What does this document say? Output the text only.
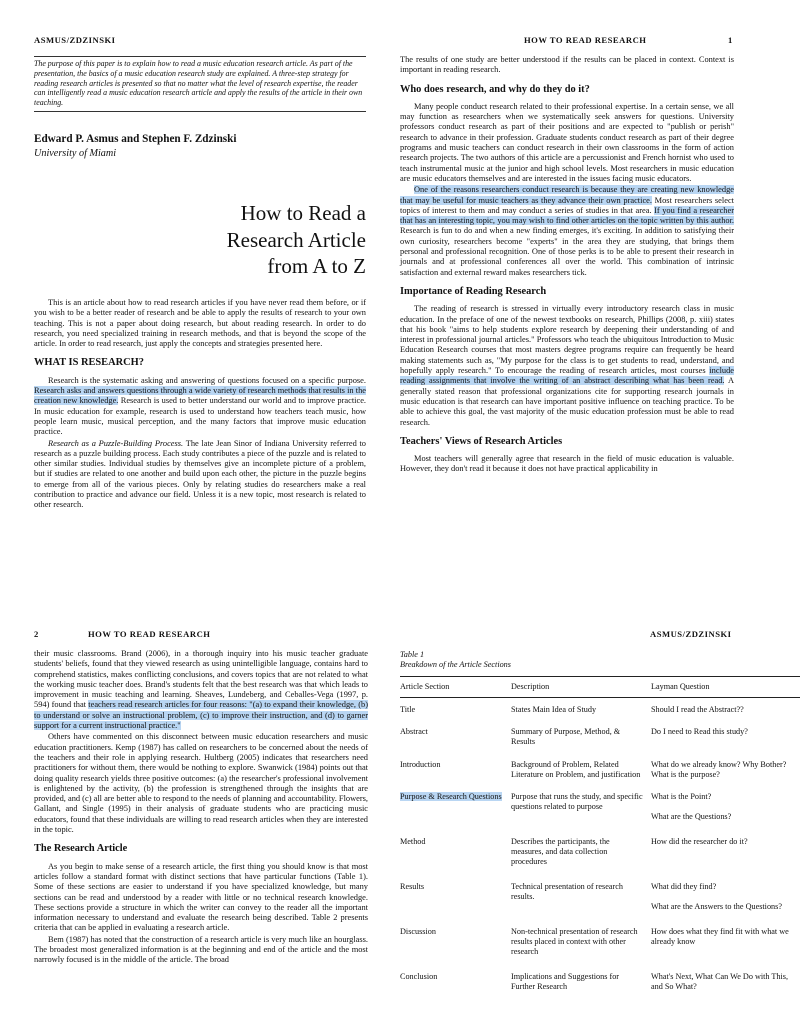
ASMUS/ZDZINSKI	HOW TO READ RESEARCH	1
The purpose of this paper is to explain how to read a music education research article. As part of the presentation, the basics of a music education research study are explained. A three-step strategy for reading research articles is presented so that no matter what the level of research expertise, the reader can intelligently read a music education research article and apply the results of the article in their own teaching.
Edward P. Asmus and Stephen F. Zdzinski
University of Miami
How to Read a
Research Article
from A to Z

This is an article about how to read research articles if you have never read them before, or if you wish to be a better reader of research and be able to apply the results of research to your own teaching. This is not a paper about doing research, but about reading research. In order to do research, you need specialized training in research methods, and that is beyond the scope of the article. In order to read research, just apply the concepts and strategies presented here.

WHAT IS RESEARCH?

Research is the systematic asking and answering of questions focused on a specific purpose. Research asks and answers questions through a wide variety of research methods that results in the creation new knowledge. Research is used to better understand our world and to improve practice. In music education for example, research is used to understand how teachers teach music, how people learn music, musical perception, and the many factors that improve music education practice.

Research as a Puzzle-Building Process. The late Jean Sinor of Indiana University referred to research as a puzzle building process. Each study contributes a piece of the puzzle and is related to other similar studies. Individual studies by themselves give an incomplete picture of a problem, but if studies are related to one another and build upon each other, the picture in the puzzle begins to emerge from all of the various pieces. Only by relating studies do researchers make a real contribution to practice and advance our field. Unless it is a new topic, most research is related to other research.

The results of one study are better understood if the results can be placed in context. Context is important in reading research.

Who does research, and why do they do it?

Many people conduct research related to their professional expertise. In a certain sense, we all may function as researchers when we systematically seek answers for questions. University professors conduct research as part of their positions and are expected to "publish or perish" research to advance in their profession. Graduate students conduct research as part of their degree programs and music teachers can conduct research in their own classrooms in the form of action research projects. The two authors of this article are a percussionist and French hornist who used to teach instrumental music at the junior and high school levels. Most researchers in music education are music educators themselves and are interested in the issues facing music educators.

One of the reasons researchers conduct research is because they are creating new knowledge that may be useful for music teachers as they advance their own practice. Most researchers select topics of interest to them and may conduct a series of studies in that area. If you find a researcher that has an interesting topic, you may wish to find other articles on the topic written by this author. Research is fun to do and when a new finding emerges, it's exciting. In addition to satisfying their own curiosity, researchers become "experts" in the area they are studying, that brings them personal and professional recognition. One of those perks is to be able to present their research in journals and at professional conferences all over the world. This combination of intrinsic satisfaction and external reward makes researchers tick.

Importance of Reading Research

The reading of research is stressed in virtually every introductory research class in music education. In the preface of one of the newest textbooks on research, Phillips (2008, p. xiii) states that his book "aims to help students explore research by deepening their understanding of and interest in professional journal articles." Professors who teach the ubiquitous Introduction to Music Education Research courses that most masters degree programs require can frequently be heard making statements such as, "My purpose for the class is to get students to read, understand, and hopefully apply research." To encourage the reading of research articles, most courses include reading assignments that involve the writing of an abstract describing what has been read. A generally stated reason that professional organizations cite for supporting research journals in music education is that research can have important positive influence on teaching practice. To be able to achieve this goal, the vast majority of the music education profession must be able to read research.

Teachers' Views of Research Articles

Most teachers will generally agree that research in the field of music education is valuable. However, they don't read it because it does not have practical applicability in

2	HOW TO READ RESEARCH	ASMUS/ZDZINSKI

their music classrooms. Brand (2006), in a thorough inquiry into his music teacher graduate students' beliefs, found that they viewed research as using unintelligible language, contains hard to comprehend statistics, makes conflicting conclusions, and covers topics that are not related to what the working music teacher does. Brand's students felt that the best research was that which leads to improvement in music teaching and learning. Sheaves, Lundeberg, and Ceballes-Vega (1997, p. 594) found that teachers read research articles for four reasons: "(a) to expand their knowledge, (b) to understand or solve an instructional problem, (c) to improve their instruction, and (d) to garner support for a current instructional practice."

Others have commented on this disconnect between music education researchers and music education practitioners. Kemp (1987) has called on researchers to be concerned about the needs of the teachers and their role in applying research. Hultberg (2005) indicates that researchers need practitioners for without them, there would be nothing to explore. Swanwick (1984) points out that doing quality research yields three positive outcomes: (a) the researcher's professional involvement is enlightened by the activity, (b) the profession is strengthened through the insights that are provided, and (c) all are better able to respond to the needs of planning and accountability. Flowers, Gallant, and Single (1995) in their analysis of graduate students who are practicing music educators, found that these individuals are willing to read research articles when they are interested in the topic.

The Research Article

As you begin to make sense of a research article, the first thing you should know is that most articles follow a standard format with distinct sections that have particular functions (Table 1). Some of these sections are easier to understand if you have specialized knowledge, but many sections can be read and understood by a reader with little or no technical research knowledge. These sections provide a structure in which the writer can convey to the reader all the important information necessary to understand and evaluate the research being described. Table 2 presents criteria that can be applied in evaluating a research article.

Bem (1987) has noted that the construction of a research article is very much like an hourglass. The broadest most generalized information is at the beginning and end of the article and the most narrowly focused is in the middle of the article. The broad

Table 1
Breakdown of the Article Sections
Article Section	Description	Layman Question
Title	States Main Idea of Study	Should I read the Abstract??
Abstract	Summary of Purpose, Method, & Results	Do I need to Read this study?
Introduction	Background of Problem, Related Literature on Problem, and justification	What do we already know? Why Bother? What is the purpose?
Purpose & Research Questions	Purpose that runs the study, and specific questions related to purpose	What is the Point?
What are the Questions?

Method	Describes the participants, the measures, and data collection procedures	How did the researcher do it?
Results	Technical presentation of research results.	What did they find?
What are the Answers to the Questions?

Discussion	Non-technical presentation of research results placed in context with other research	How does what they find fit with what we already know
Conclusion	Implications and Suggestions for Further Research	What's Next, What Can We Do with This, and So What?
